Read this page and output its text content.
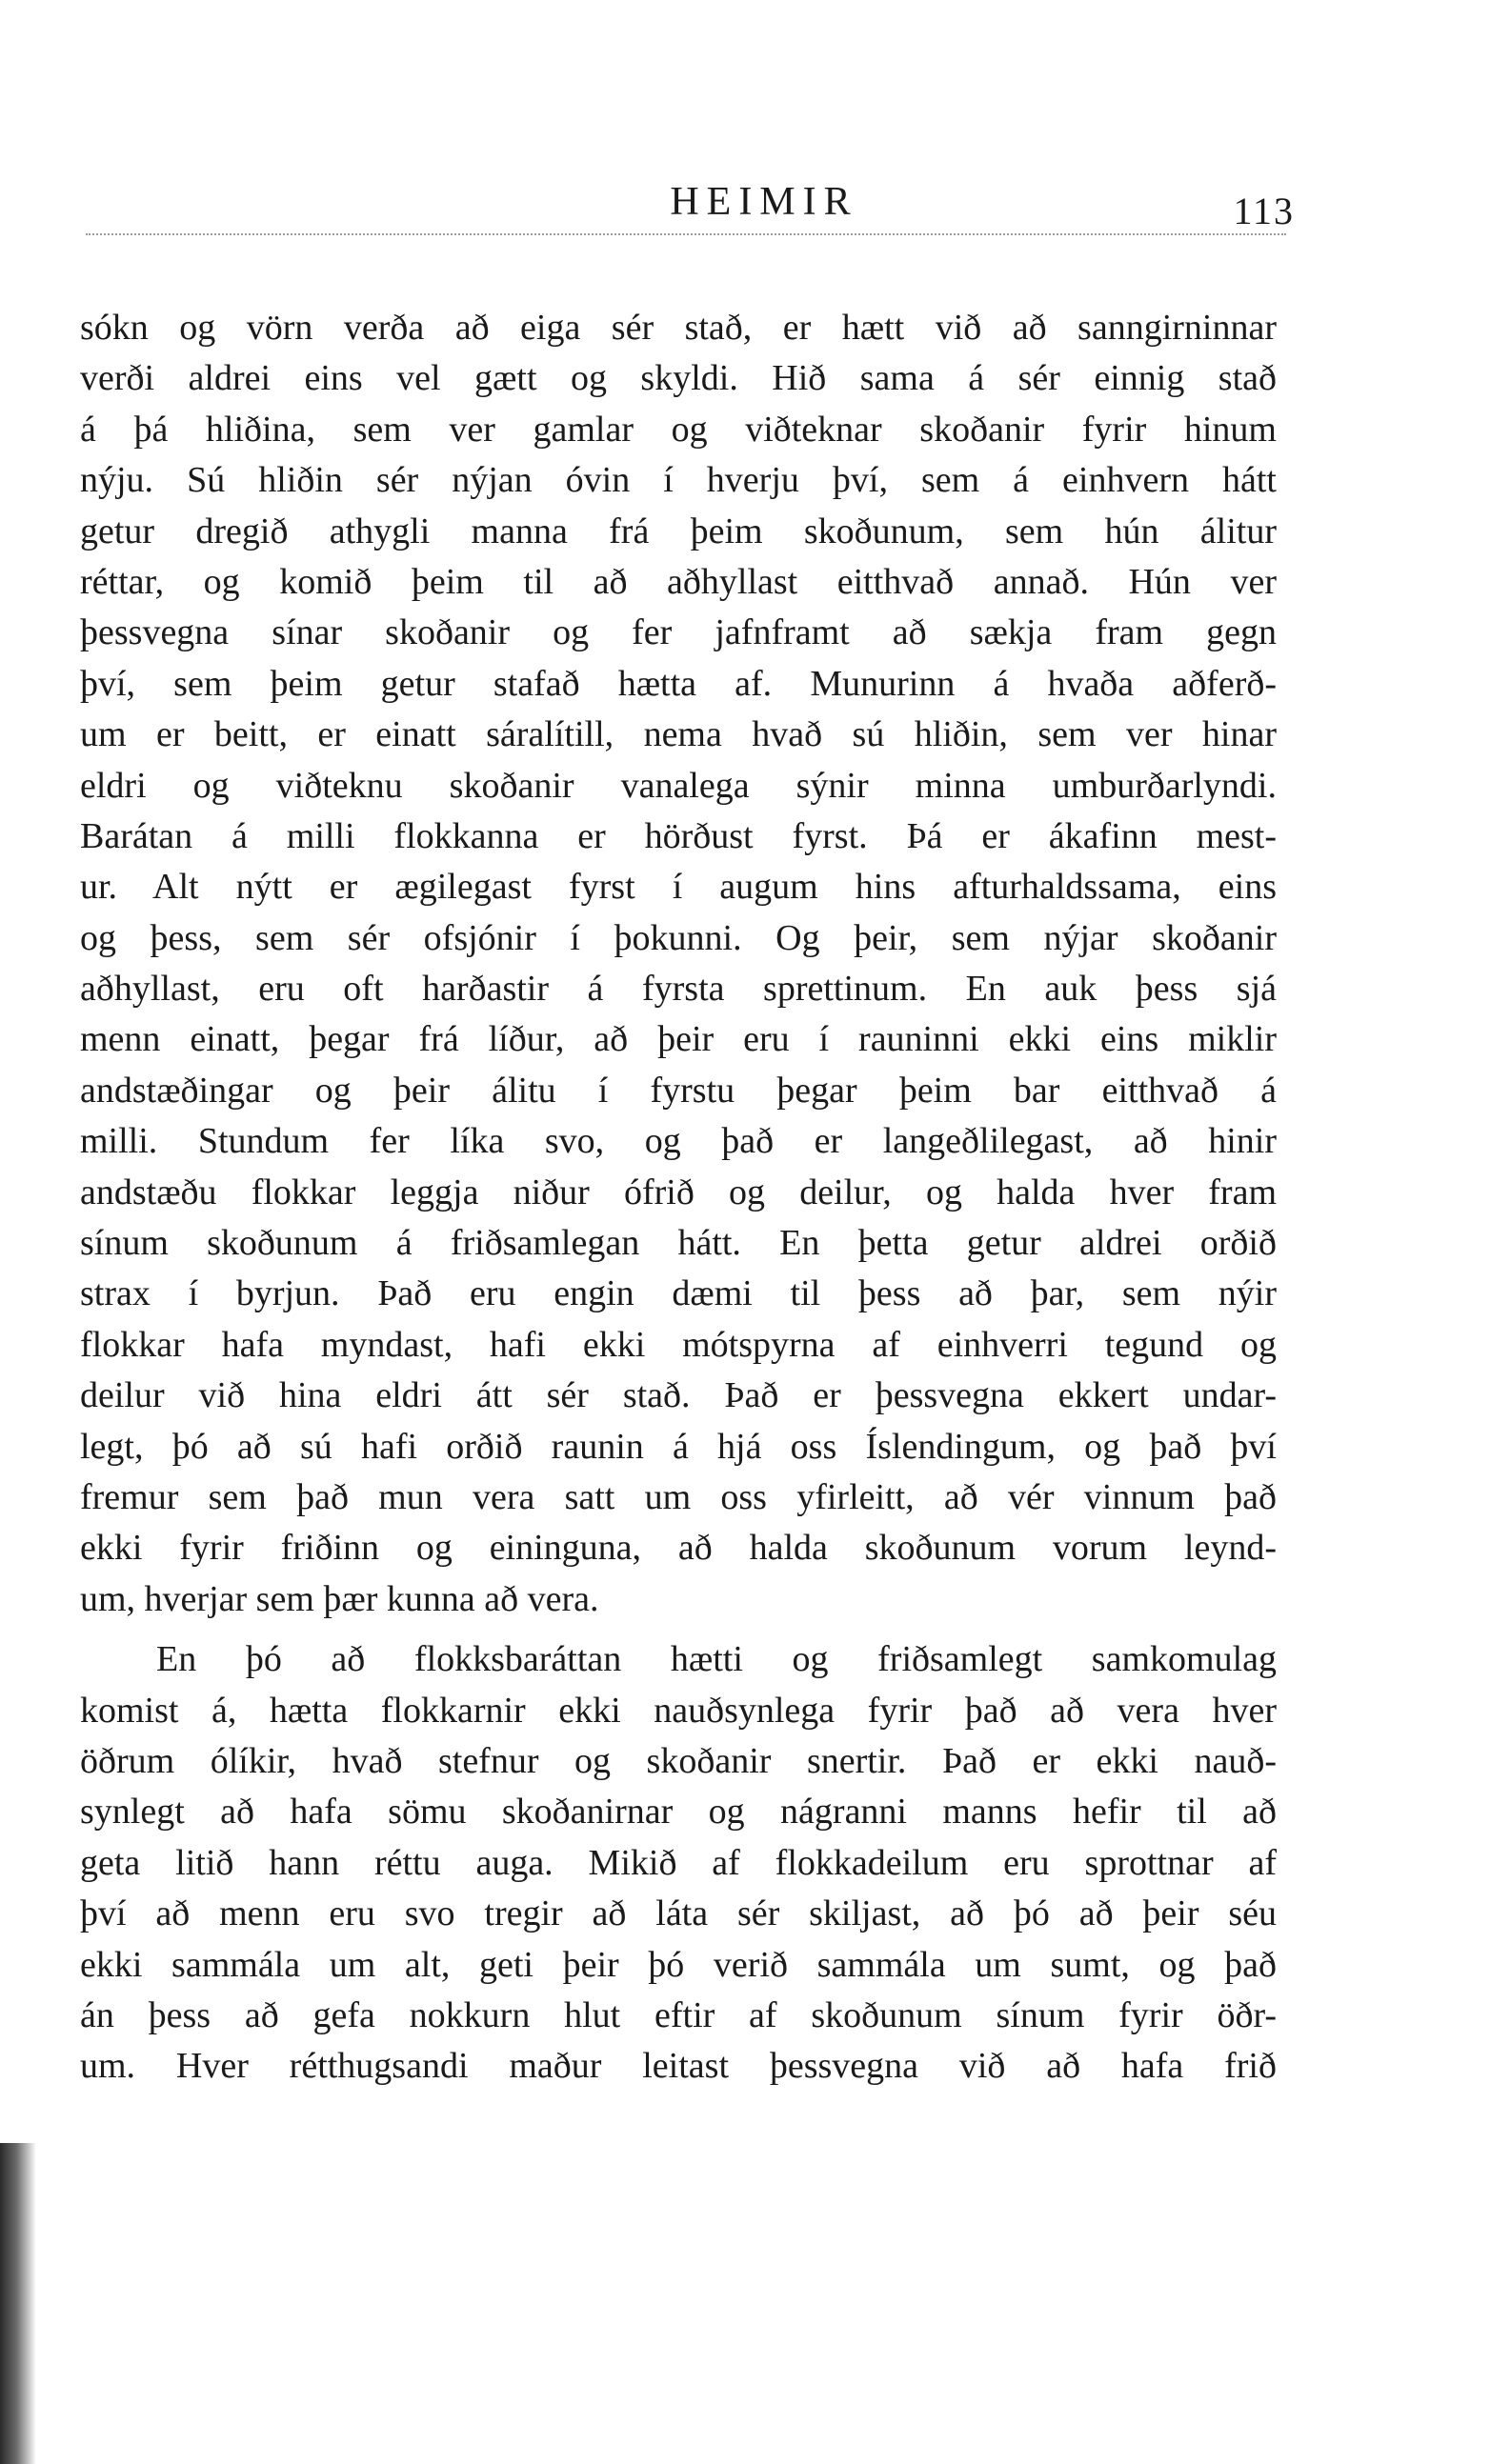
HEIMIR	113
sókn og vörn verða að eiga sér stað, er hætt við að sanngirninnar
verði aldrei eins vel gætt og skyldi. Hið sama á sér einnig stað
á þá hliðina, sem ver gamlar og viðteknar skoðanir fyrir hinum
nýju. Sú hliðin sér nýjan óvin í hverju því, sem á einhvern hátt
getur dregið athygli manna frá þeim skoðunum, sem hún álitur
réttar, og komið þeim til að aðhyllast eitthvað annað. Hún ver
þessvegna sínar skoðanir og fer jafnframt að sækja fram gegn
því, sem þeim getur stafað hætta af. Munurinn á hvaða aðferð-
um er beitt, er einatt sáralítill, nema hvað sú hliðin, sem ver hinar
eldri og viðteknu skoðanir vanalega sýnir minna umburðarlyndi.
Barátan á milli flokkanna er hörðust fyrst. Þá er ákafinn mest-
ur. Alt nýtt er ægilegast fyrst í augum hins afturhaldssama, eins
og þess, sem sér ofsjónir í þokunni. Og þeir, sem nýjar skoðanir
aðhyllast, eru oft harðastir á fyrsta sprettinum. En auk þess sjá
menn einatt, þegar frá líður, að þeir eru í rauninni ekki eins miklir
andstæðingar og þeir álitu í fyrstu þegar þeim bar eitthvað á
milli. Stundum fer líka svo, og það er langeðlilegast, að hinir
andstæðu flokkar leggja niður ófrið og deilur, og halda hver fram
sínum skoðunum á friðsamlegan hátt. En þetta getur aldrei orðið
strax í byrjun. Það eru engin dæmi til þess að þar, sem nýir
flokkar hafa myndast, hafi ekki mótspyrna af einhverri tegund og
deilur við hina eldri átt sér stað. Það er þessvegna ekkert undar-
legt, þó að sú hafi orðið raunin á hjá oss Íslendingum, og það því
fremur sem það mun vera satt um oss yfirleitt, að vér vinnum það
ekki fyrir friðinn og eininguna, að halda skoðunum vorum leynd-
um, hverjar sem þær kunna að vera.
En þó að flokksbaráttan hætti og friðsamlegt samkomulag
komist á, hætta flokkarnir ekki nauðsynlega fyrir það að vera hver
öðrum ólíkir, hvað stefnur og skoðanir snertir. Það er ekki nauð-
synlegt að hafa sömu skoðanirnar og nágranni manns hefir til að
geta litið hann réttu auga. Mikið af flokkadeilum eru sprottnar af
því að menn eru svo tregir að láta sér skiljast, að þó að þeir séu
ekki sammála um alt, geti þeir þó verið sammála um sumt, og það
án þess að gefa nokkurn hlut eftir af skoðunum sínum fyrir öðr-
um. Hver rétthugsandi maður leitast þessvegna við að hafa frið
